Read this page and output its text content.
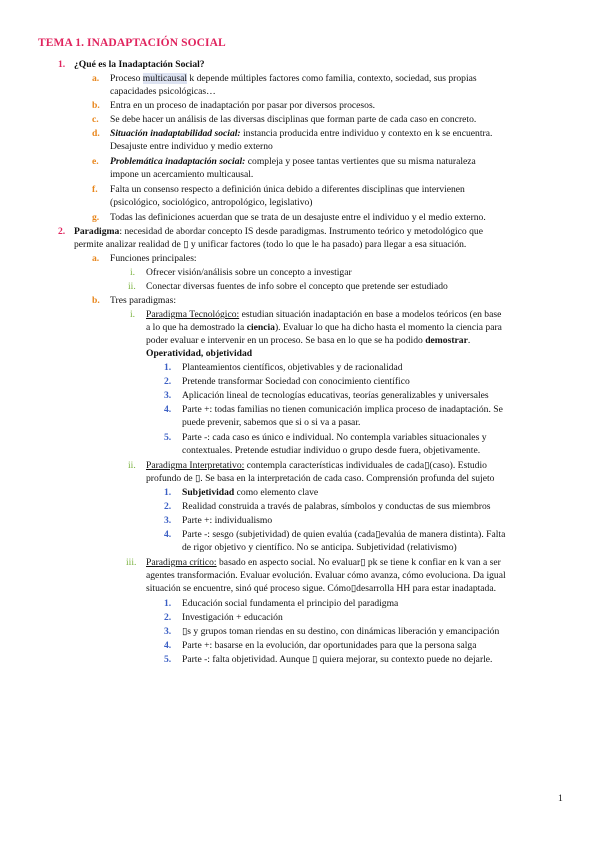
TEMA 1. INADAPTACIÓN SOCIAL
1. ¿Qué es la Inadaptación Social?
a. Proceso multicausal k depende múltiples factores como familia, contexto, sociedad, sus propias
capacidades psicológicas…
b. Entra en un proceso de inadaptación por pasar por diversos procesos.
c. Se debe hacer un análisis de las diversas disciplinas que forman parte de cada caso en concreto.
d. Situación inadaptabilidad social: instancia producida entre individuo y contexto en k se encuentra.
Desajuste entre individuo y medio externo
e. Problemática inadaptación social: compleja y posee tantas vertientes que su misma naturaleza
impone un acercamiento multicausal.
f. Falta un consenso respecto a definición única debido a diferentes disciplinas que intervienen
(psicológico, sociológico, antropológico, legislativo)
g. Todas las definiciones acuerdan que se trata de un desajuste entre el individuo y el medio externo.
2. Paradigma: necesidad de abordar concepto IS desde paradigmas. Instrumento teórico y metodológico que
permite analizar realidad de ▯ y unificar factores (todo lo que le ha pasado) para llegar a esa situación.
a. Funciones principales:
i. Ofrecer visión/análisis sobre un concepto a investigar
ii. Conectar diversas fuentes de info sobre el concepto que pretende ser estudiado
b. Tres paradigmas:
i. Paradigma Tecnológico: estudian situación inadaptación en base a modelos teóricos (en base
a lo que ha demostrado la ciencia). Evaluar lo que ha dicho hasta el momento la ciencia para
poder evaluar e intervenir en un proceso. Se basa en lo que se ha podido demostrar.
Operatividad, objetividad
1. Planteamientos científicos, objetivables y de racionalidad
2. Pretende transformar Sociedad con conocimiento científico
3. Aplicación lineal de tecnologías educativas, teorías generalizables y universales
4. Parte +: todas familias no tienen comunicación implica proceso de inadaptación. Se
puede prevenir, sabemos que si o si va a pasar.
5. Parte -: cada caso es único e individual. No contempla variables situacionales y
contextuales. Pretende estudiar individuo o grupo desde fuera, objetivamente.
ii. Paradigma Interpretativo: contempla características individuales de cada▯(caso). Estudio
profundo de ▯. Se basa en la interpretación de cada caso. Comprensión profunda del sujeto
1. Subjetividad como elemento clave
2. Realidad construida a través de palabras, símbolos y conductas de sus miembros
3. Parte +: individualismo
4. Parte -: sesgo (subjetividad) de quien evalúa (cada▯evalúa de manera distinta). Falta
de rigor objetivo y científico. No se anticipa. Subjetividad (relativismo)
iii. Paradigma crítico: basado en aspecto social. No evaluar▯ pk se tiene k confiar en k van a ser
agentes transformación. Evaluar evolución. Evaluar cómo avanza, cómo evoluciona. Da igual
situación se encuentre, sinó qué proceso sigue. Cómo▯desarrolla HH para estar inadaptada.
1. Educación social fundamenta el principio del paradigma
2. Investigación + educación
3. ▯s y grupos toman riendas en su destino, con dinámicas liberación y emancipación
4. Parte +: basarse en la evolución, dar oportunidades para que la persona salga
5. Parte -: falta objetividad. Aunque ▯ quiera mejorar, su contexto puede no dejarle.
1
